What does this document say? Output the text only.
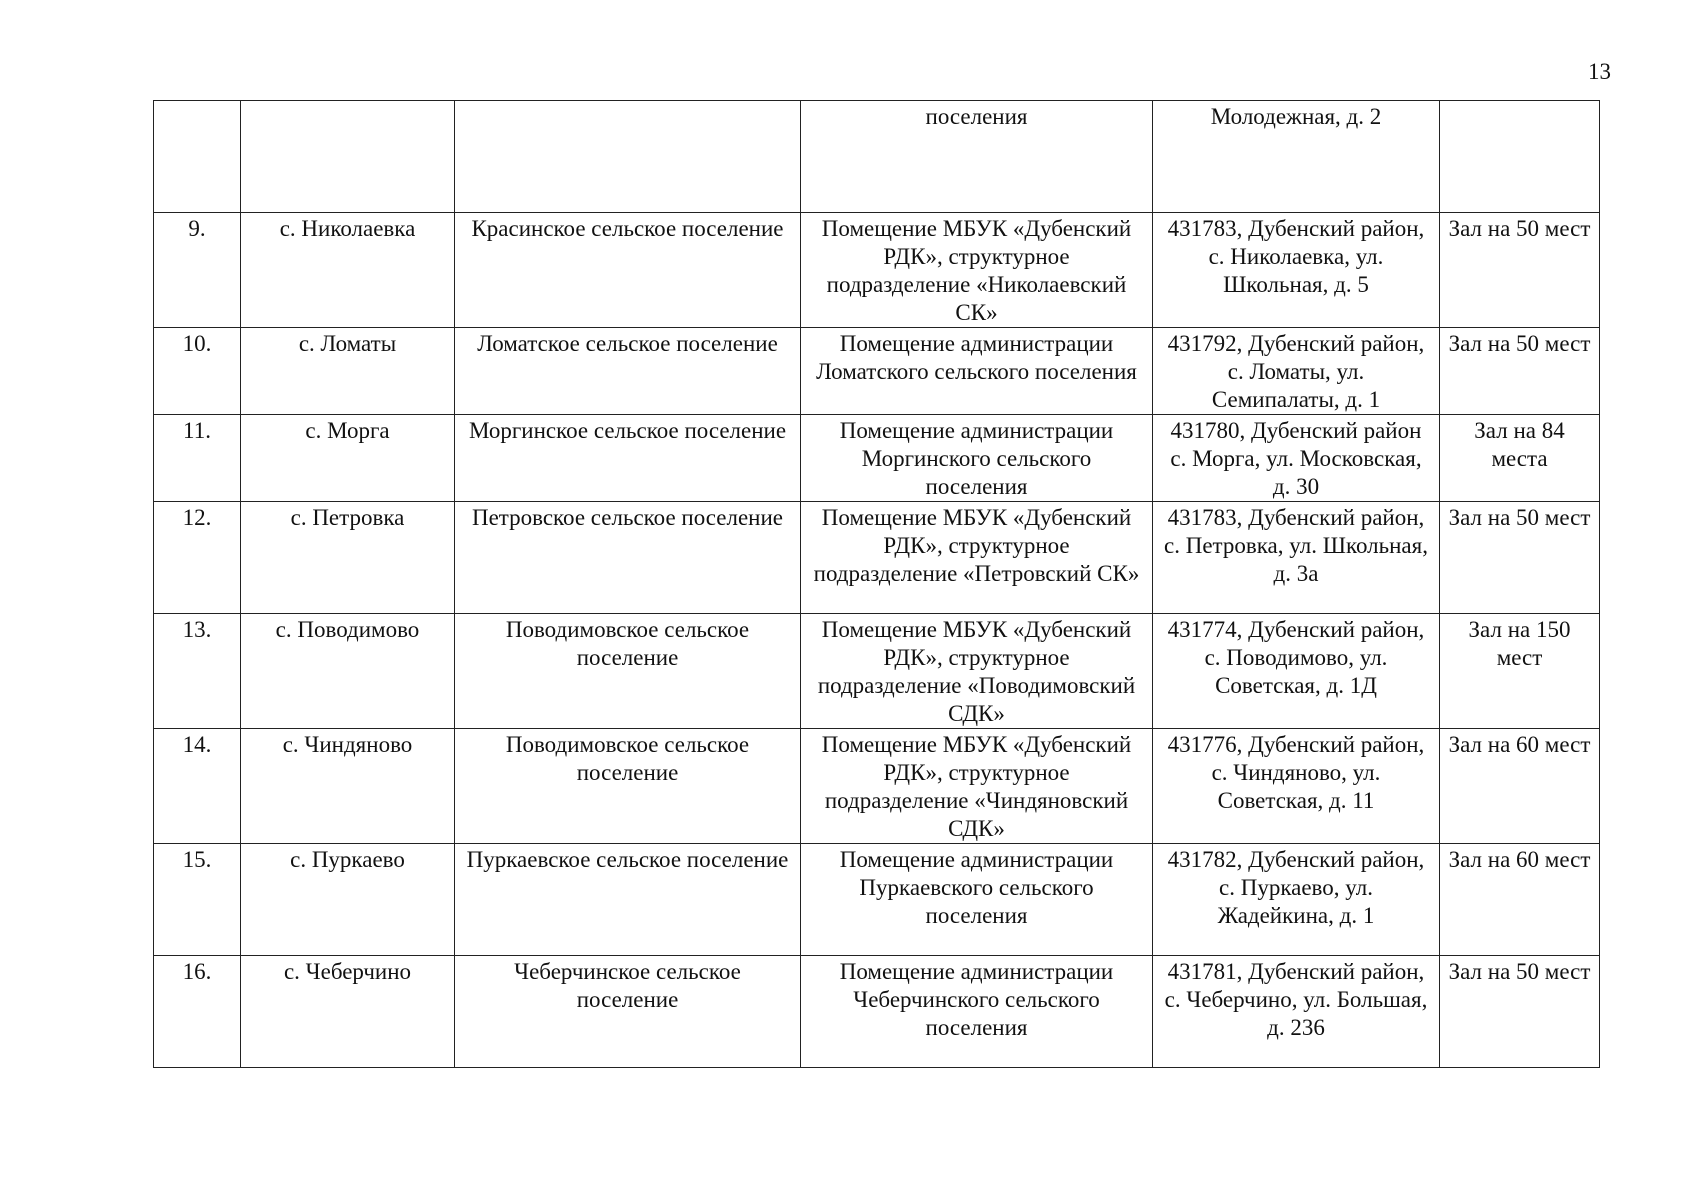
13
			поселения	Молодежная, д. 2	
9.	с. Николаевка	Красинское сельское поселение	Помещение МБУК «Дубенский РДК», структурное подразделение «Николаевский СК»	431783, Дубенский район, с. Николаевка, ул. Школьная, д. 5	Зал на 50 мест
10.	с. Ломаты	Ломатское сельское поселение	Помещение администрации Ломатского сельского поселения	431792, Дубенский район, с. Ломаты, ул. Семипалаты, д. 1	Зал на 50 мест
11.	с. Морга	Моргинское сельское поселение	Помещение администрации Моргинского сельского поселения	431780, Дубенский район с. Морга, ул. Московская, д. 30	Зал на 84 места
12.	с. Петровка	Петровское сельское поселение	Помещение МБУК «Дубенский РДК», структурное подразделение «Петровский СК»	431783, Дубенский район, с. Петровка, ул. Школьная, д. 3а	Зал на 50 мест
13.	с. Поводимово	Поводимовское сельское поселение	Помещение МБУК «Дубенский РДК», структурное подразделение «Поводимовский СДК»	431774, Дубенский район, с. Поводимово, ул. Советская, д. 1Д	Зал на 150 мест
14.	с. Чиндяново	Поводимовское сельское поселение	Помещение МБУК «Дубенский РДК», структурное подразделение «Чиндяновский СДК»	431776, Дубенский район, с. Чиндяново, ул. Советская, д. 11	Зал на 60 мест
15.	с. Пуркаево	Пуркаевское сельское поселение	Помещение администрации Пуркаевского сельского поселения	431782, Дубенский район, с. Пуркаево, ул. Жадейкина, д. 1	Зал на 60 мест
16.	с. Чеберчино	Чеберчинское сельское поселение	Помещение администрации Чеберчинского сельского поселения	431781, Дубенский район, с. Чеберчино, ул. Большая, д. 236	Зал на 50 мест
